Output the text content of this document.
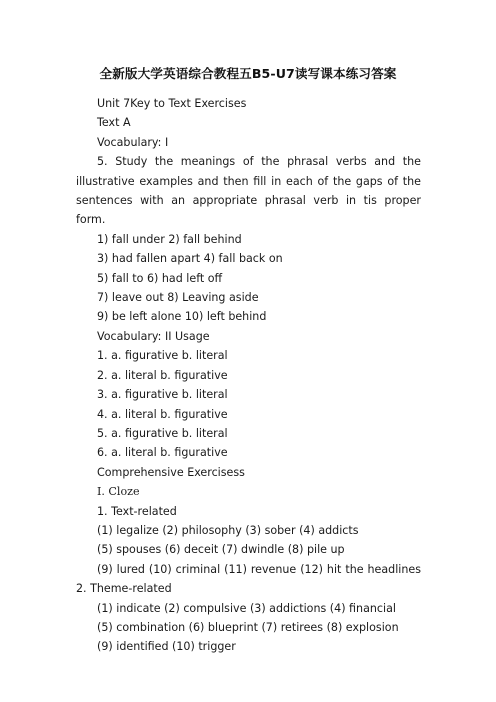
全新版大学英语综合教程五B5-U7读写课本练习答案

Unit 7Key to Text Exercises

Text A

Vocabulary: I

5. Study the meanings of the phrasal verbs and the illustrative examples and then fill in each of the gaps of the sentences with an appropriate phrasal verb in tis proper form.

1) fall under 2) fall behind

3) had fallen apart 4) fall back on

5) fall to 6) had left off

7) leave out 8) Leaving aside

9) be left alone 10) left behind

Vocabulary: II Usage

1. a. figurative b. literal

2. a. literal b. figurative

3. a. figurative b. literal

4. a. literal b. figurative

5. a. figurative b. literal

6. a. literal b. figurative

Comprehensive Exercisess

I. Cloze

1. Text-related

(1) legalize (2) philosophy (3) sober (4) addicts

(5) spouses (6) deceit (7) dwindle (8) pile up

(9) lured (10) criminal (11) revenue (12) hit the headlines 2. Theme-related

(1) indicate (2) compulsive (3) addictions (4) financial

(5) combination (6) blueprint (7) retirees (8) explosion

(9) identified (10) trigger
